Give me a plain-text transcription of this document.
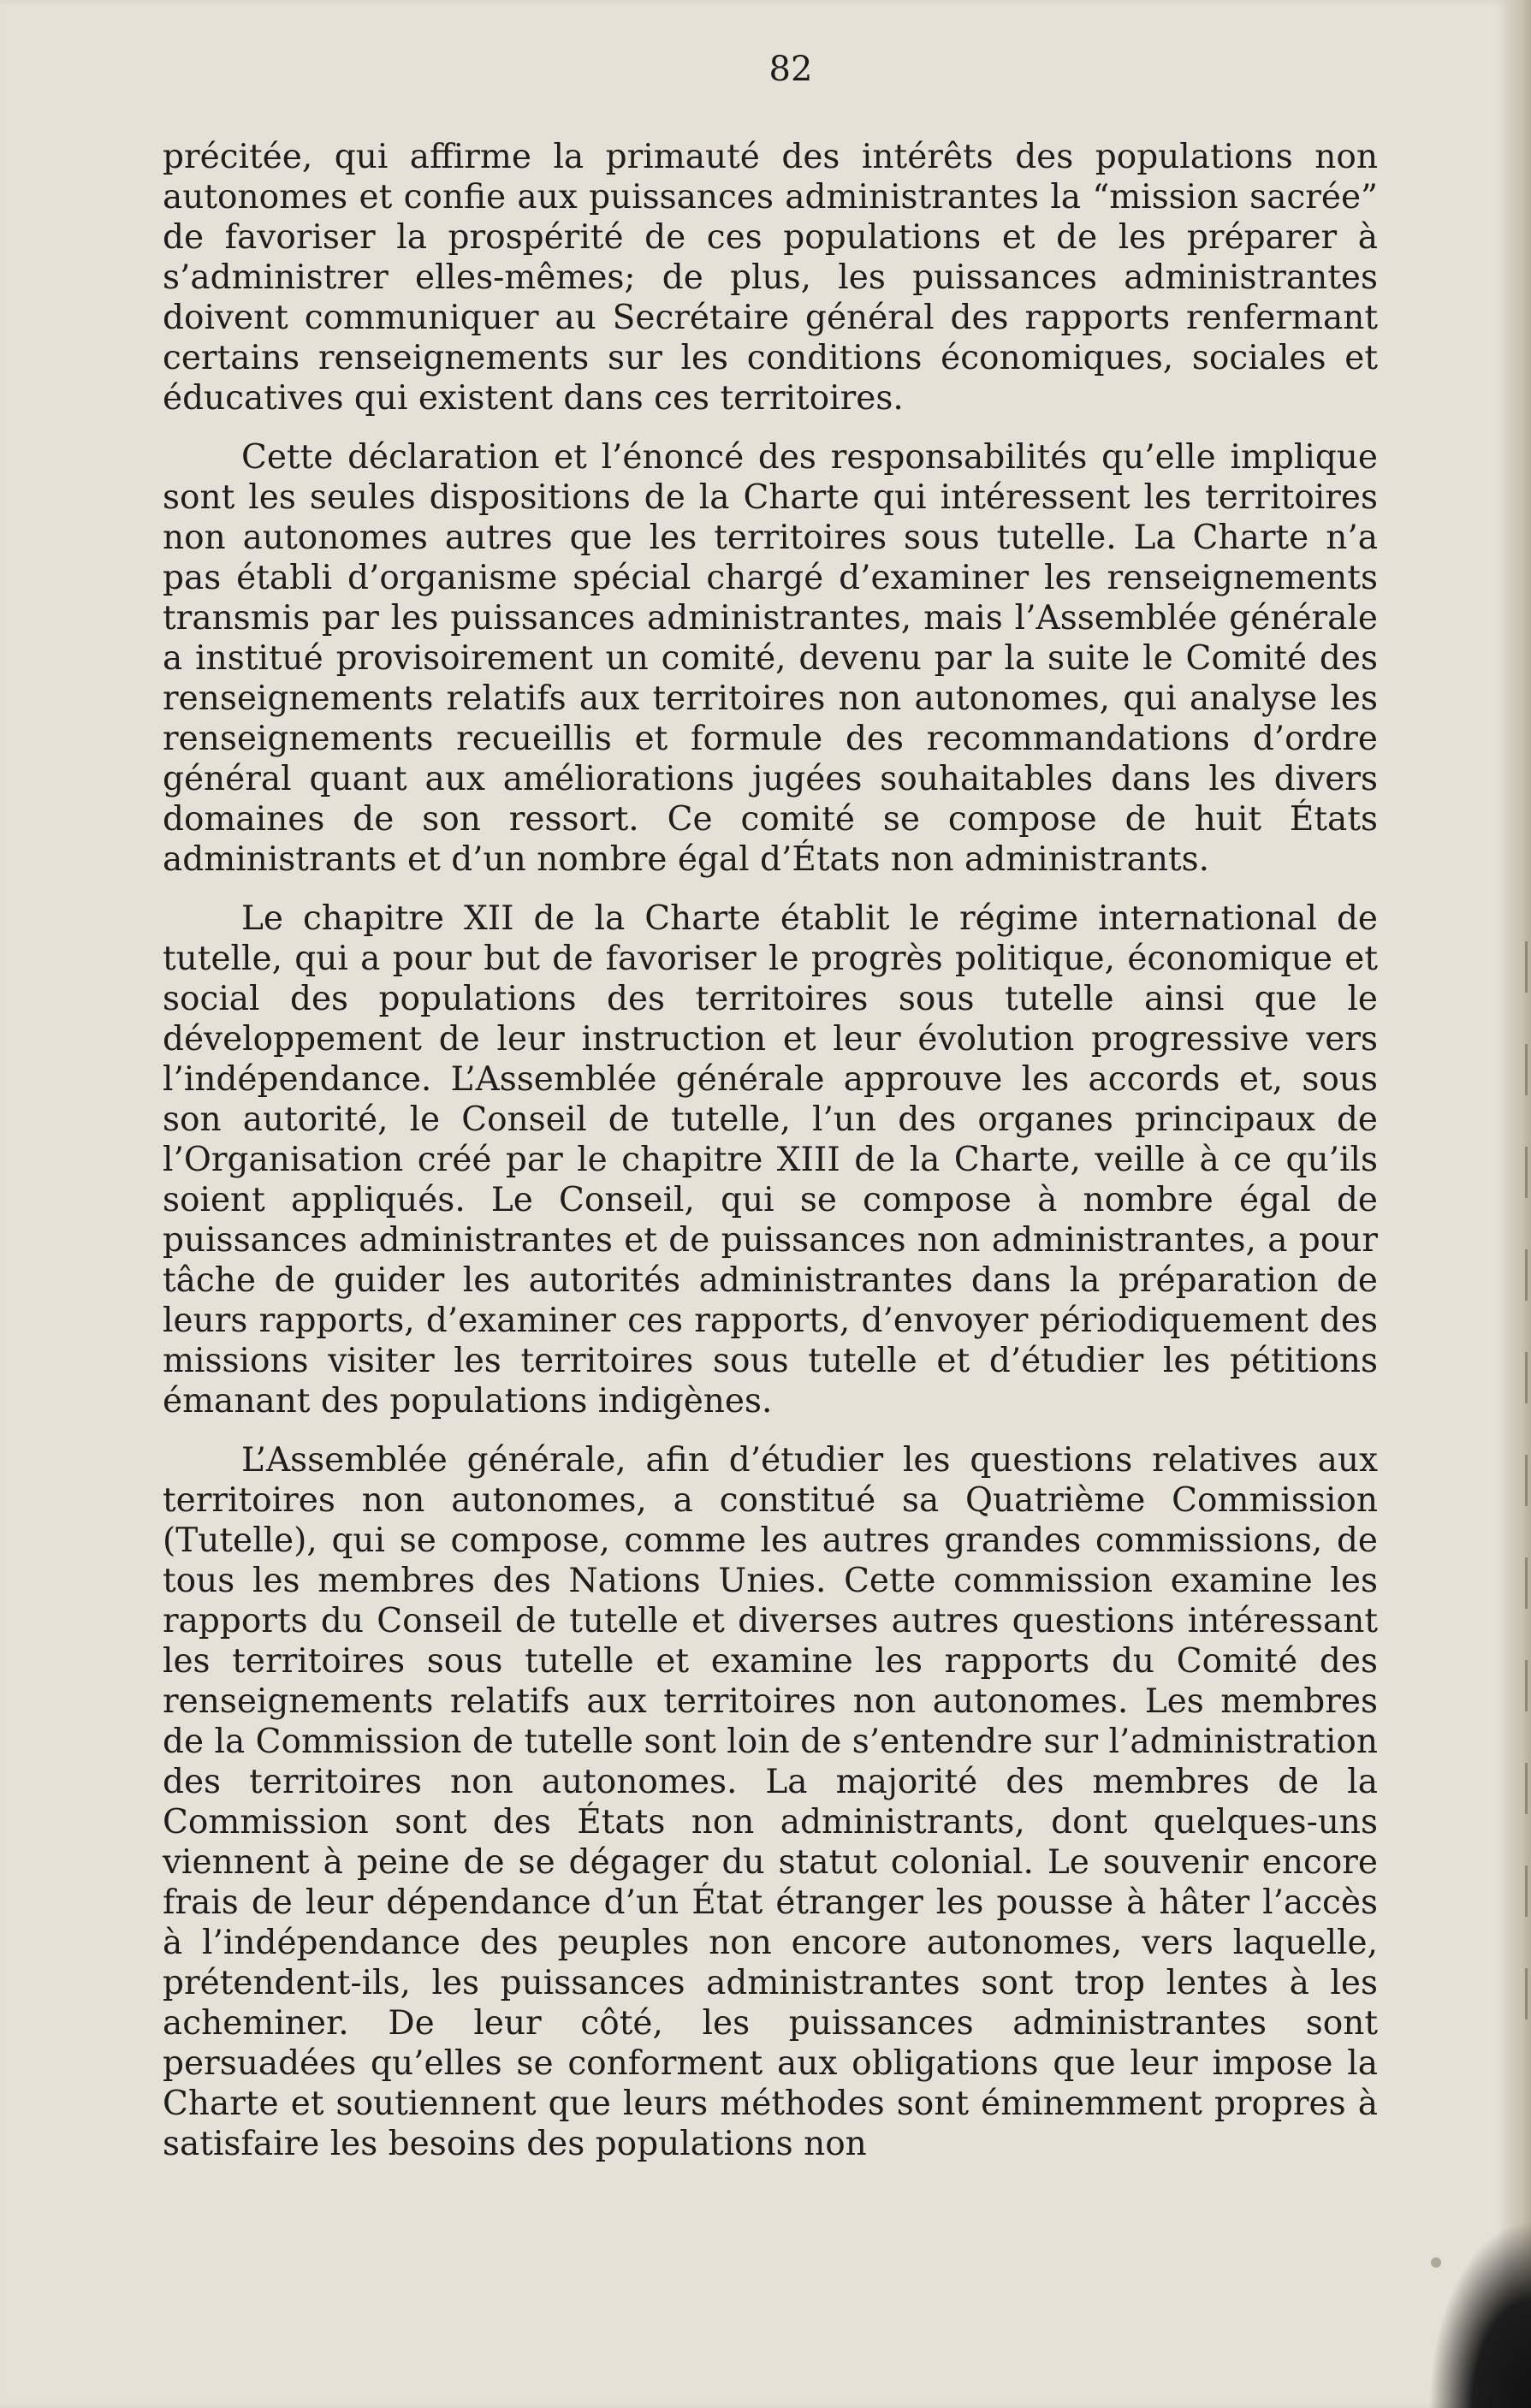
82

précitée, qui affirme la primauté des intérêts des populations non autonomes et confie aux puissances administrantes la “mission sacrée” de favoriser la prospérité de ces populations et de les préparer à s’administrer elles-mêmes; de plus, les puissances administrantes doivent communiquer au Secrétaire général des rapports renfermant certains renseignements sur les conditions économiques, sociales et éducatives qui existent dans ces territoires.

Cette déclaration et l’énoncé des responsabilités qu’elle implique sont les seules dispositions de la Charte qui intéressent les territoires non autonomes autres que les territoires sous tutelle. La Charte n’a pas établi d’organisme spécial chargé d’examiner les renseignements transmis par les puissances administrantes, mais l’Assemblée générale a institué provisoirement un comité, devenu par la suite le Comité des renseignements relatifs aux territoires non autonomes, qui analyse les renseignements recueillis et formule des recommandations d’ordre général quant aux améliorations jugées souhaitables dans les divers domaines de son ressort. Ce comité se compose de huit États administrants et d’un nombre égal d’États non administrants.

Le chapitre XII de la Charte établit le régime international de tutelle, qui a pour but de favoriser le progrès politique, économique et social des populations des territoires sous tutelle ainsi que le développement de leur instruction et leur évolution progressive vers l’indépendance. L’Assemblée générale approuve les accords et, sous son autorité, le Conseil de tutelle, l’un des organes principaux de l’Organisation créé par le chapitre XIII de la Charte, veille à ce qu’ils soient appliqués. Le Conseil, qui se compose à nombre égal de puissances administrantes et de puissances non administrantes, a pour tâche de guider les autorités administrantes dans la préparation de leurs rapports, d’examiner ces rapports, d’envoyer périodiquement des missions visiter les territoires sous tutelle et d’étudier les pétitions émanant des populations indigènes.

L’Assemblée générale, afin d’étudier les questions relatives aux territoires non autonomes, a constitué sa Quatrième Commission (Tutelle), qui se compose, comme les autres grandes commissions, de tous les membres des Nations Unies. Cette commission examine les rapports du Conseil de tutelle et diverses autres questions intéressant les territoires sous tutelle et examine les rapports du Comité des renseignements relatifs aux territoires non autonomes. Les membres de la Commission de tutelle sont loin de s’entendre sur l’administration des territoires non autonomes. La majorité des membres de la Commission sont des États non administrants, dont quelques-uns viennent à peine de se dégager du statut colonial. Le souvenir encore frais de leur dépendance d’un État étranger les pousse à hâter l’accès à l’indépendance des peuples non encore autonomes, vers laquelle, prétendent-ils, les puissances administrantes sont trop lentes à les acheminer. De leur côté, les puissances administrantes sont persuadées qu’elles se conforment aux obligations que leur impose la Charte et soutiennent que leurs méthodes sont éminemment propres à satisfaire les besoins des populations non
